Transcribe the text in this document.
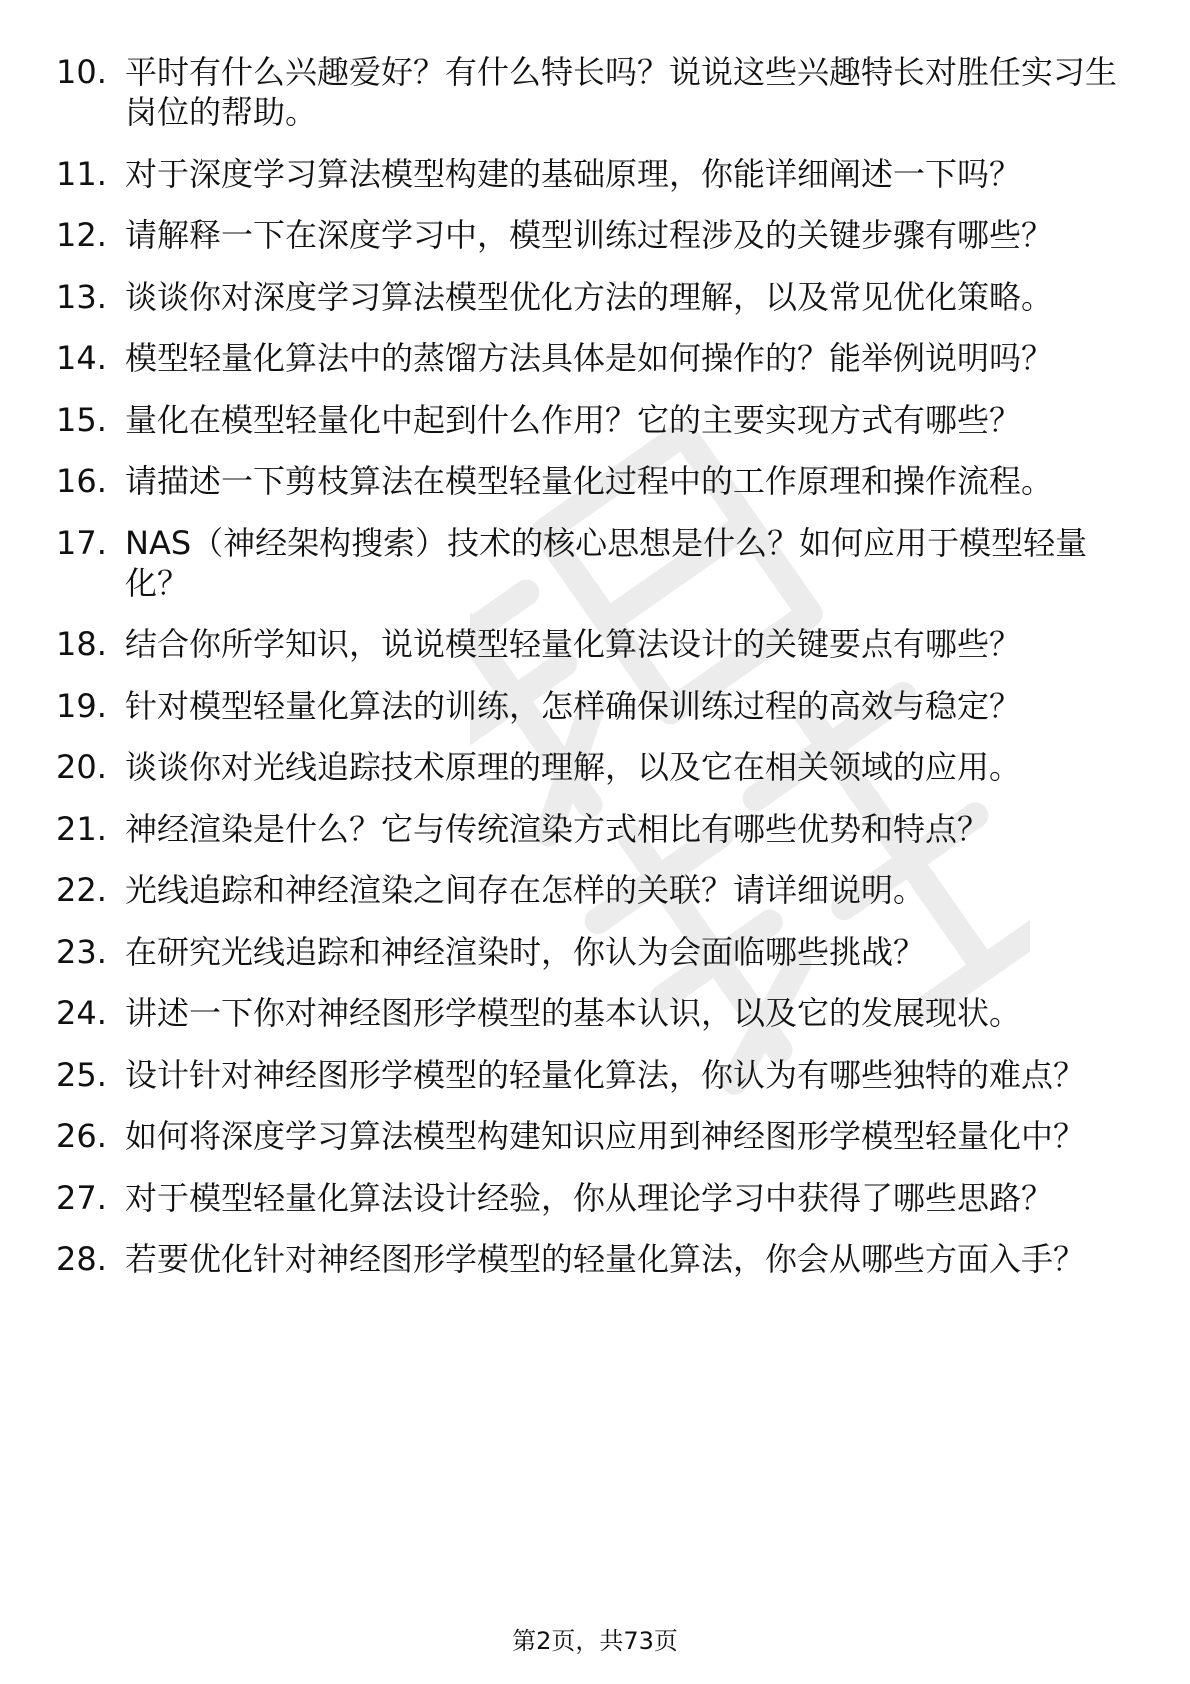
10. 平时有什么兴趣爱好？有什么特长吗？说说这些兴趣特长对胜任实习生岗位的帮助。
11. 对于深度学习算法模型构建的基础原理，你能详细阐述一下吗？
12. 请解释一下在深度学习中，模型训练过程涉及的关键步骤有哪些？
13. 谈谈你对深度学习算法模型优化方法的理解，以及常见优化策略。
14. 模型轻量化算法中的蒸馏方法具体是如何操作的？能举例说明吗？
15. 量化在模型轻量化中起到什么作用？它的主要实现方式有哪些？
16. 请描述一下剪枝算法在模型轻量化过程中的工作原理和操作流程。
17. NAS（神经架构搜索）技术的核心思想是什么？如何应用于模型轻量化？
18. 结合你所学知识，说说模型轻量化算法设计的关键要点有哪些？
19. 针对模型轻量化算法的训练，怎样确保训练过程的高效与稳定？
20. 谈谈你对光线追踪技术原理的理解，以及它在相关领域的应用。
21. 神经渲染是什么？它与传统渲染方式相比有哪些优势和特点？
22. 光线追踪和神经渲染之间存在怎样的关联？请详细说明。
23. 在研究光线追踪和神经渲染时，你认为会面临哪些挑战？
24. 讲述一下你对神经图形学模型的基本认识，以及它的发展现状。
25. 设计针对神经图形学模型的轻量化算法，你认为有哪些独特的难点？
26. 如何将深度学习算法模型构建知识应用到神经图形学模型轻量化中？
27. 对于模型轻量化算法设计经验，你从理论学习中获得了哪些思路？
28. 若要优化针对神经图形学模型的轻量化算法，你会从哪些方面入手？
第2页，共73页
